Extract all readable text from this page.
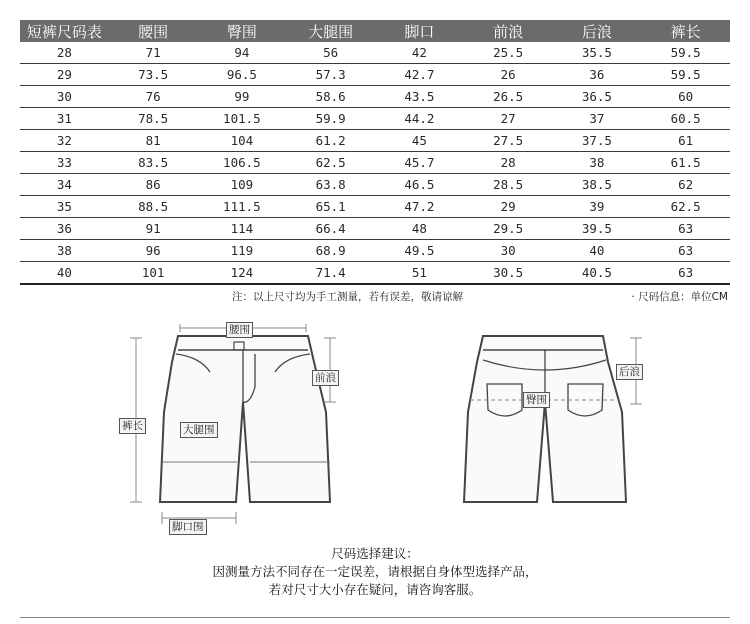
短裤尺码表	腰围	臀围	大腿围	脚口	前浪	后浪	裤长
28	71	94	56	42	25.5	35.5	59.5
29	73.5	96.5	57.3	42.7	26	36	59.5
30	76	99	58.6	43.5	26.5	36.5	60
31	78.5	101.5	59.9	44.2	27	37	60.5
32	81	104	61.2	45	27.5	37.5	61
33	83.5	106.5	62.5	45.7	28	38	61.5
34	86	109	63.8	46.5	28.5	38.5	62
35	88.5	111.5	65.1	47.2	29	39	62.5
36	91	114	66.4	48	29.5	39.5	63
38	96	119	68.9	49.5	30	40	63
40	101	124	71.4	51	30.5	40.5	63
注：以上尺寸均为手工测量，若有误差，敬请谅解	· 尺码信息：单位CM
腰围
前浪
裤长	大腿围
脚口围
后浪
臀围
尺码选择建议：
因测量方法不同存在一定误差，请根据自身体型选择产品，
若对尺寸大小存在疑问，请咨询客服。
